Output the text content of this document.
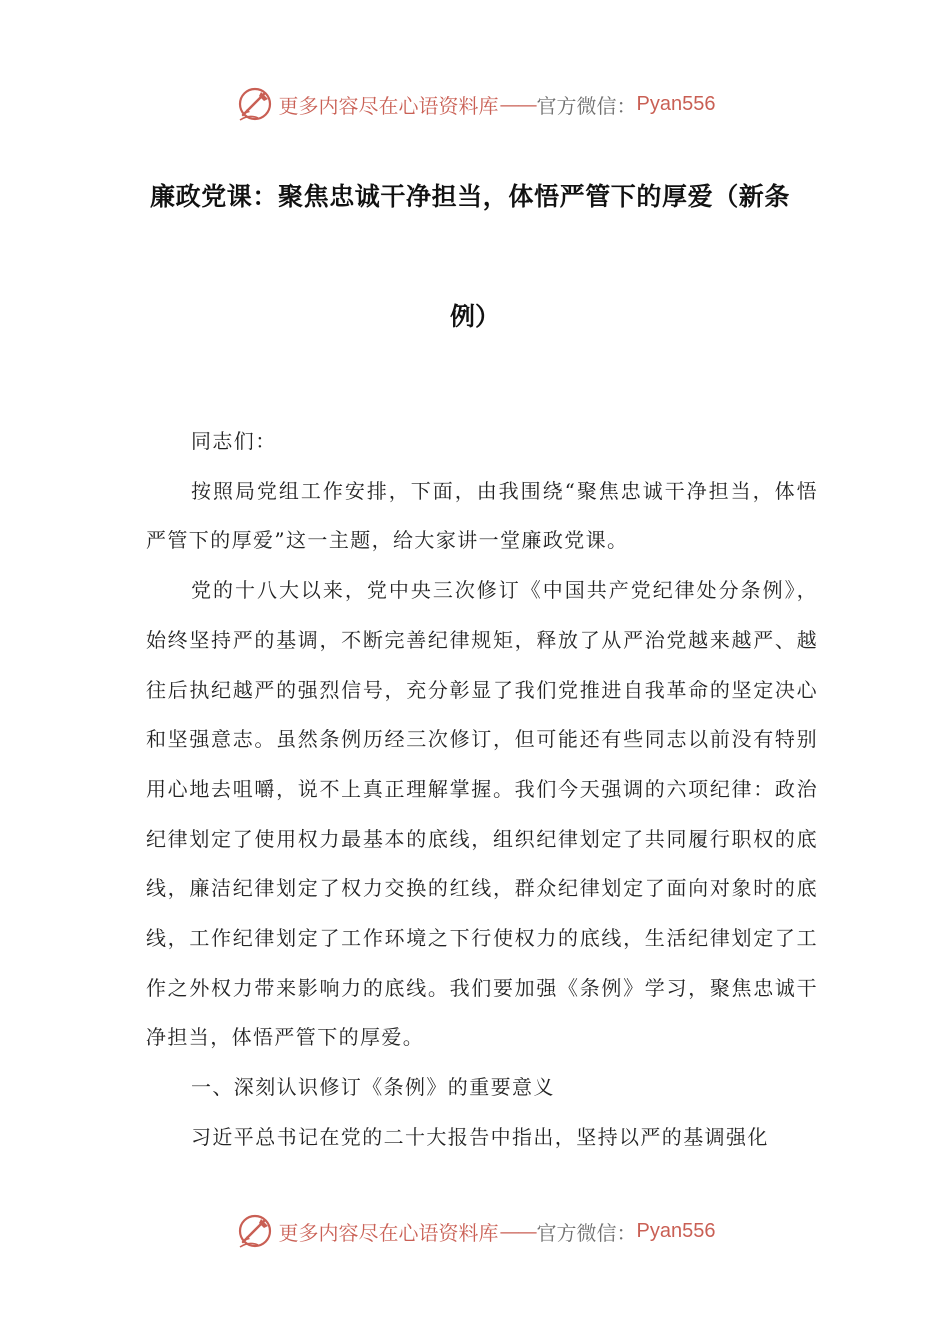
更多内容尽在心语资料库 —— 官方微信： Pyan556
廉政党课：聚焦忠诚干净担当，体悟严管下的厚爱（新条
例）

同志们：

按照局党组工作安排，下面，由我围绕“聚焦忠诚干净担当，体悟严管下的厚爱”这一主题，给大家讲一堂廉政党课。

党的十八大以来，党中央三次修订《中国共产党纪律处分条例》，始终坚持严的基调，不断完善纪律规矩，释放了从严治党越来越严、越往后执纪越严的强烈信号，充分彰显了我们党推进自我革命的坚定决心和坚强意志。虽然条例历经三次修订，但可能还有些同志以前没有特别用心地去咀嚼，说不上真正理解掌握。我们今天强调的六项纪律：政治纪律划定了使用权力最基本的底线，组织纪律划定了共同履行职权的底线，廉洁纪律划定了权力交换的红线，群众纪律划定了面向对象时的底线，工作纪律划定了工作环境之下行使权力的底线，生活纪律划定了工作之外权力带来影响力的底线。我们要加强《条例》学习，聚焦忠诚干净担当，体悟严管下的厚爱。

一、深刻认识修订《条例》的重要意义

习近平总书记在党的二十大报告中指出，坚持以严的基调强化

更多内容尽在心语资料库 —— 官方微信： Pyan556
